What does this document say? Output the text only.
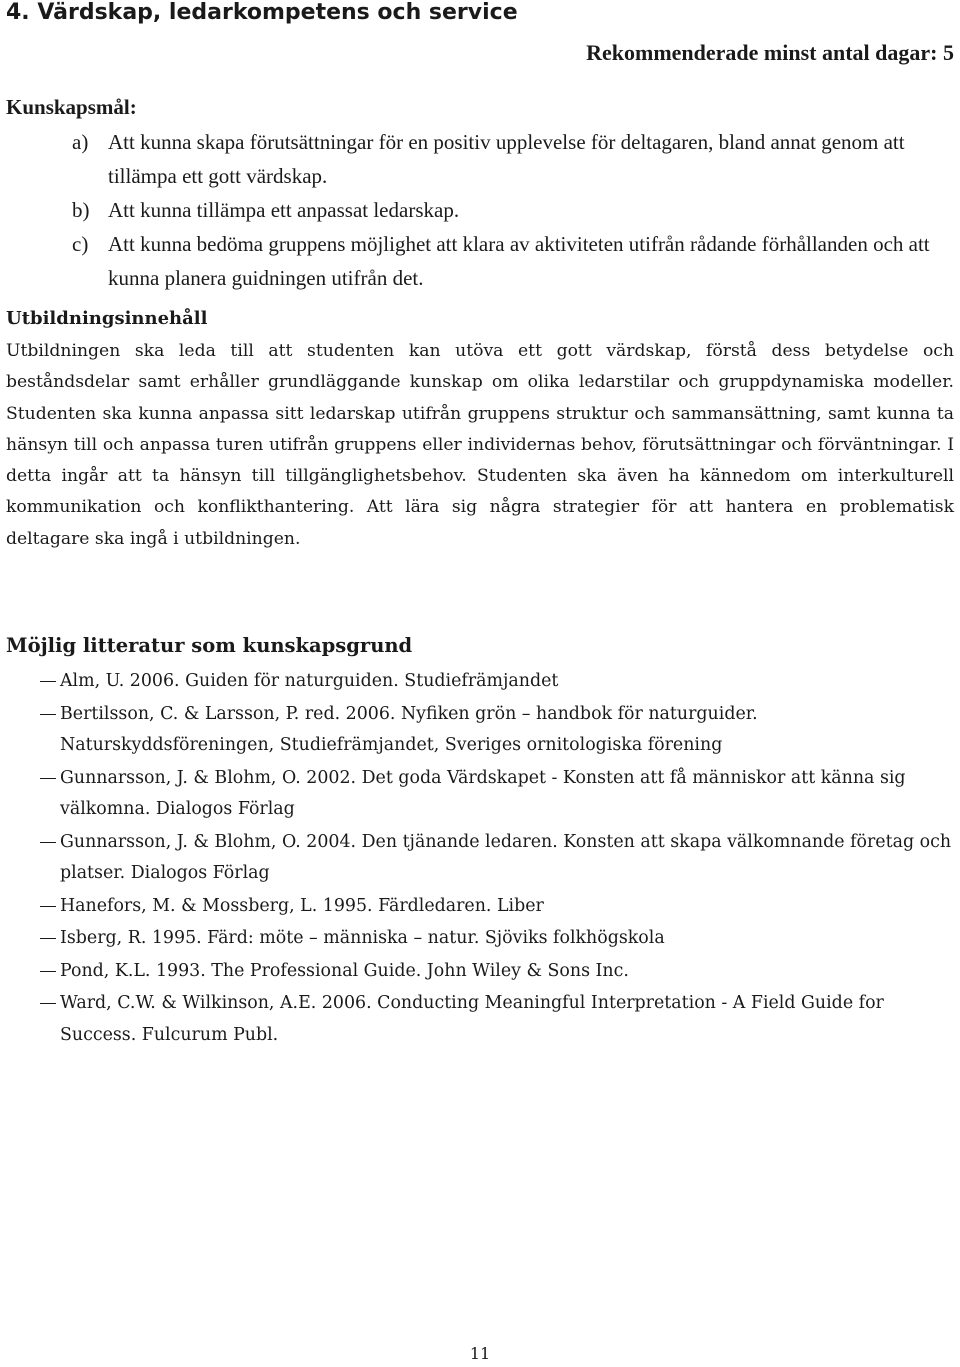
4. Värdskap, ledarkompetens och service
Rekommenderade minst antal dagar: 5
Kunskapsmål:
a) Att kunna skapa förutsättningar för en positiv upplevelse för deltagaren, bland annat genom att tillämpa ett gott värdskap.
b) Att kunna tillämpa ett anpassat ledarskap.
c) Att kunna bedöma gruppens möjlighet att klara av aktiviteten utifrån rådande förhållanden och att kunna planera guidningen utifrån det.
Utbildningsinnehåll

Utbildningen ska leda till att studenten kan utöva ett gott värdskap, förstå dess betydelse och beståndsdelar samt erhåller grundläggande kunskap om olika ledarstilar och gruppdynamiska modeller. Studenten ska kunna anpassa sitt ledarskap utifrån gruppens struktur och sammansättning, samt kunna ta hänsyn till och anpassa turen utifrån gruppens eller individernas behov, förutsättningar och förväntningar. I detta ingår att ta hänsyn till tillgänglighetsbehov. Studenten ska även ha kännedom om interkulturell kommunikation och konflikthantering. Att lära sig några strategier för att hantera en problematisk deltagare ska ingå i utbildningen.

Möjlig litteratur som kunskapsgrund
Alm, U. 2006. Guiden för naturguiden. Studiefrämjandet
Bertilsson, C. & Larsson, P. red. 2006. Nyfiken grön – handbok för naturguider. Naturskyddsföreningen, Studiefrämjandet, Sveriges ornitologiska förening
Gunnarsson, J. & Blohm, O. 2002. Det goda Värdskapet - Konsten att få människor att känna sig välkomna. Dialogos Förlag
Gunnarsson, J. & Blohm, O. 2004. Den tjänande ledaren. Konsten att skapa välkomnande företag och platser. Dialogos Förlag
Hanefors, M. & Mossberg, L. 1995. Färdledaren. Liber
Isberg, R. 1995. Färd: möte – människa – natur. Sjöviks folkhögskola
Pond, K.L. 1993. The Professional Guide. John Wiley & Sons Inc.
Ward, C.W. & Wilkinson, A.E. 2006. Conducting Meaningful Interpretation - A Field Guide for Success. Fulcurum Publ.
11
